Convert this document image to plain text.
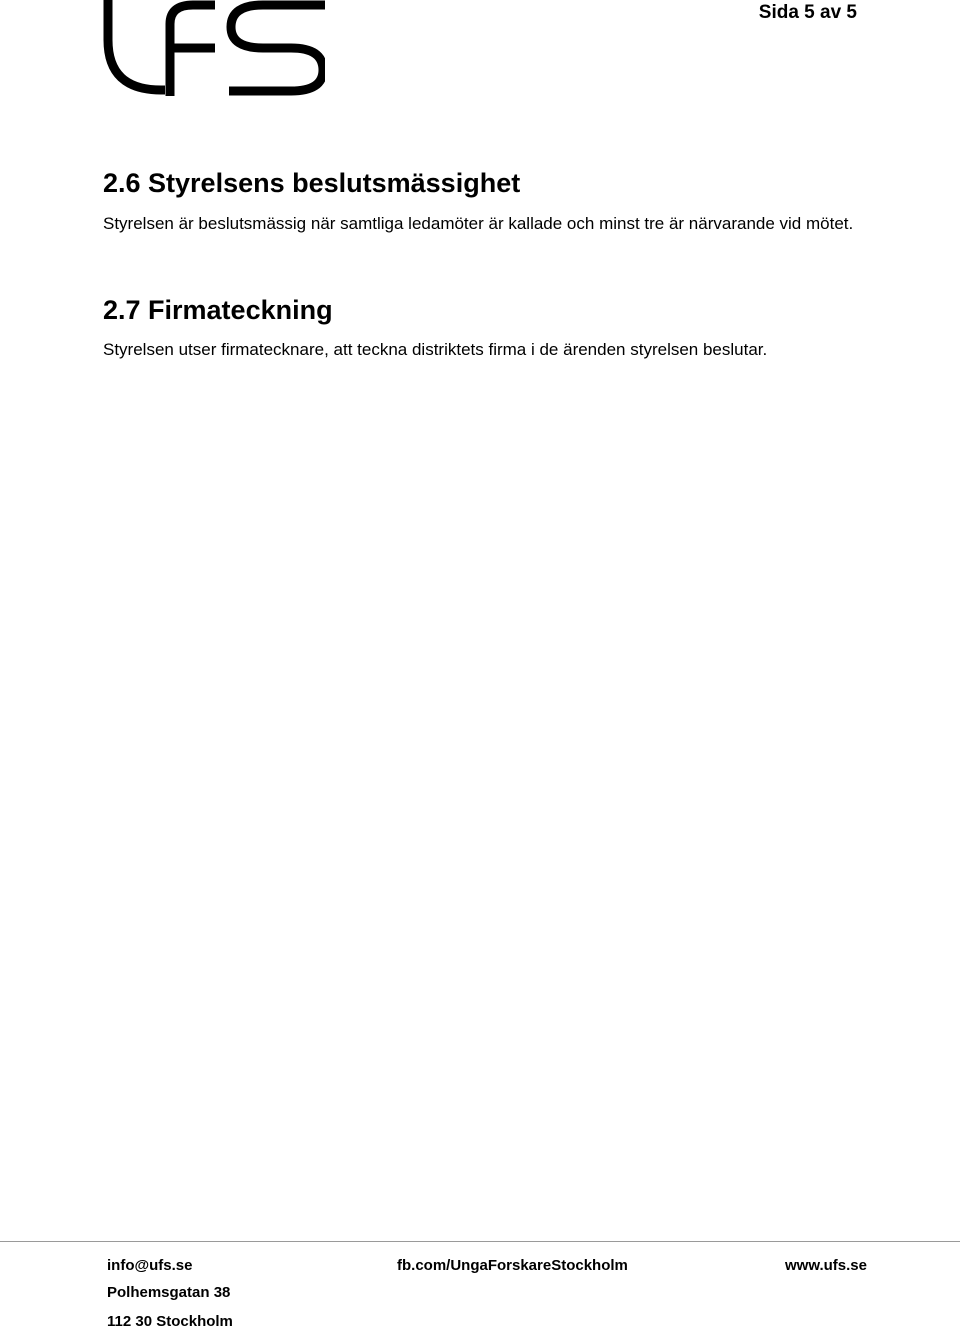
Sida 5 av 5
2.6 Styrelsens beslutsmässighet

Styrelsen är beslutsmässig när samtliga ledamöter är kallade och minst tre är närvarande vid mötet.

2.7 Firmateckning

Styrelsen utser firmatecknare, att teckna distriktets firma i de ärenden styrelsen beslutar.

info@ufs.se	fb.com/UngaForskareStockholm	www.ufs.se
Polhemsgatan 38
112 30 Stockholm
